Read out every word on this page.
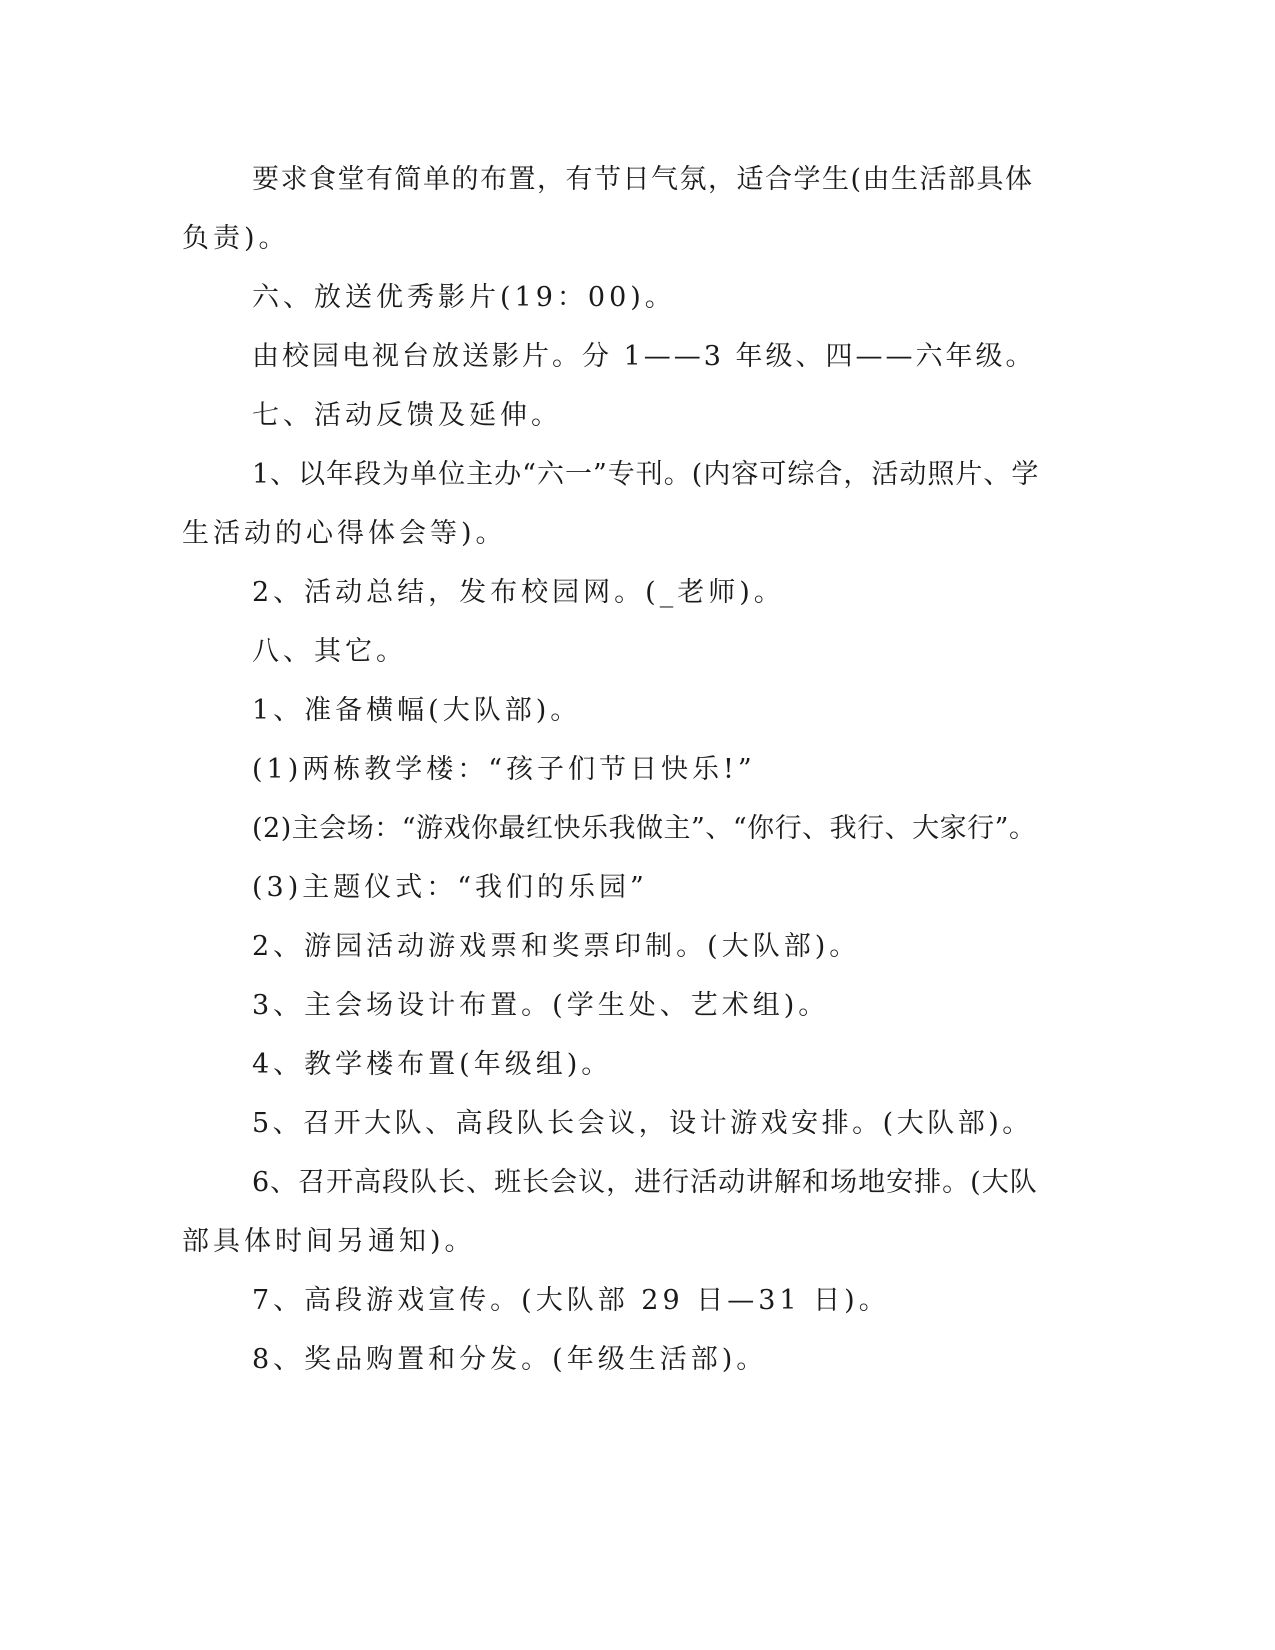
要求食堂有简单的布置，有节日气氛，适合学生(由生活部具体
负责)。
六、放送优秀影片(19：00)。
由校园电视台放送影片。分 1——3 年级、四——六年级。
七、活动反馈及延伸。
1、以年段为单位主办“六一”专刊。(内容可综合，活动照片、学
生活动的心得体会等)。
2、活动总结，发布校园网。(_老师)。
八、其它。
1、准备横幅(大队部)。
(1)两栋教学楼：“孩子们节日快乐!”
(2)主会场：“游戏你最红快乐我做主”、“你行、我行、大家行”。
(3)主题仪式：“我们的乐园”
2、游园活动游戏票和奖票印制。(大队部)。
3、主会场设计布置。(学生处、艺术组)。
4、教学楼布置(年级组)。
5、召开大队、高段队长会议，设计游戏安排。(大队部)。
6、召开高段队长、班长会议，进行活动讲解和场地安排。(大队
部具体时间另通知)。
7、高段游戏宣传。(大队部 29 日—31 日)。
8、奖品购置和分发。(年级生活部)。
